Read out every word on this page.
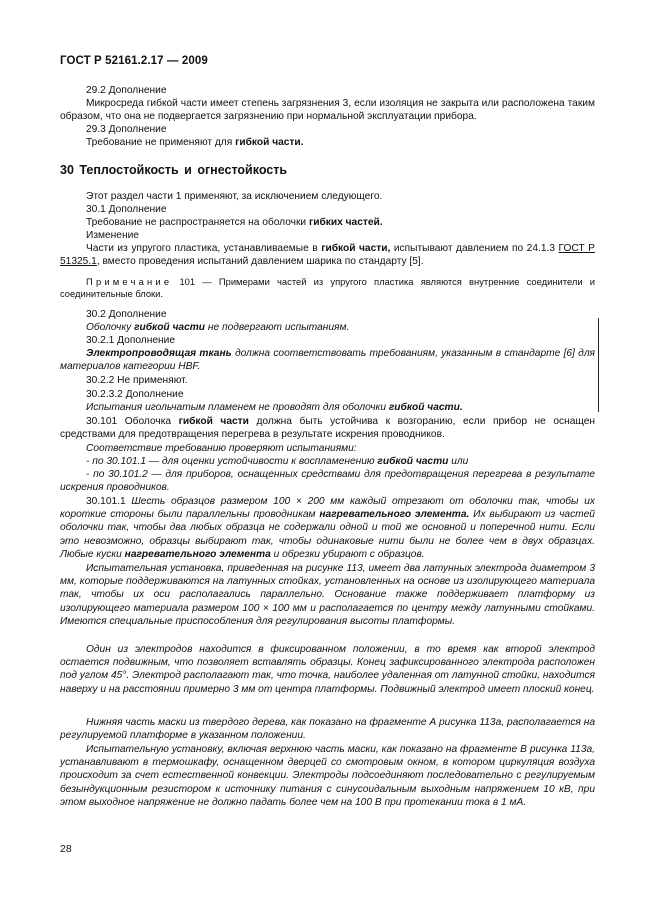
ГОСТ Р 52161.2.17 — 2009
29.2 Дополнение
Микросреда гибкой части имеет степень загрязнения 3, если изоляция не закрыта или расположена таким образом, что она не подвергается загрязнению при нормальной эксплуатации прибора.
29.3 Дополнение
Требование не применяют для гибкой части.
30 Теплостойкость и огнестойкость
Этот раздел части 1 применяют, за исключением следующего.
30.1 Дополнение
Требование не распространяется на оболочки гибких частей.
Изменение
Части из упругого пластика, устанавливаемые в гибкой части, испытывают давлением по 24.1.3 ГОСТ Р 51325.1, вместо проведения испытаний давлением шарика по стандарту [5].
Примечание 101 — Примерами частей из упругого пластика являются внутренние соединители и соединительные блоки.
30.2 Дополнение
Оболочку гибкой части не подвергают испытаниям.
30.2.1 Дополнение
Электропроводящая ткань должна соответствовать требованиям, указанным в стандарте [6] для материалов категории HBF.
30.2.2 Не применяют.
30.2.3.2 Дополнение
Испытания игольчатым пламенем не проводят для оболочки гибкой части.
30.101 Оболочка гибкой части должна быть устойчива к возгоранию, если прибор не оснащен средствами для предотвращения перегрева в результате искрения проводников.
Соответствие требованию проверяют испытаниями:
- по 30.101.1 — для оценки устойчивости к воспламенению гибкой части или
- по 30.101.2 — для приборов, оснащенных средствами для предотвращения перегрева в результате искрения проводников.
30.101.1 Шесть образцов размером 100 × 200 мм каждый отрезают от оболочки так, чтобы их короткие стороны были параллельны проводникам нагревательного элемента. Их выбирают из частей оболочки так, чтобы два любых образца не содержали одной и той же основной и поперечной нити. Если это невозможно, образцы выбирают так, чтобы одинаковые нити были не более чем в двух образцах. Любые куски нагревательного элемента и обрезки убирают с образцов.
Испытательная установка, приведенная на рисунке 113, имеет два латунных электрода диаметром 3 мм, которые поддерживаются на латунных стойках, установленных на основе из изолирующего материала так, чтобы их оси располагались параллельно. Основание также поддерживает платформу из изолирующего материала размером 100 × 100 мм и располагается по центру между латунными стойками. Имеются специальные приспособления для регулирования высоты платформы.
Один из электродов находится в фиксированном положении, в то время как второй электрод остается подвижным, что позволяет вставлять образцы. Конец зафиксированного электрода расположен под углом 45°. Электрод располагают так, что точка, наиболее удаленная от латунной стойки, находится наверху и на расстоянии примерно 3 мм от центра платформы. Подвижный электрод имеет плоский конец.
Нижняя часть маски из твердого дерева, как показано на фрагменте А рисунка 113а, располагается на регулируемой платформе в указанном положении.
Испытательную установку, включая верхнюю часть маски, как показано на фрагменте В рисунка 113а, устанавливают в термошкафу, оснащенном дверцей со смотровым окном, в котором циркуляция воздуха происходит за счет естественной конвекции. Электроды подсоединяют последовательно с регулируемым безындукционным резистором к источнику питания с синусоидальным выходным напряжением 10 кВ, при этом выходное напряжение не должно падать более чем на 100 В при протекании тока в 1 мА.
28
